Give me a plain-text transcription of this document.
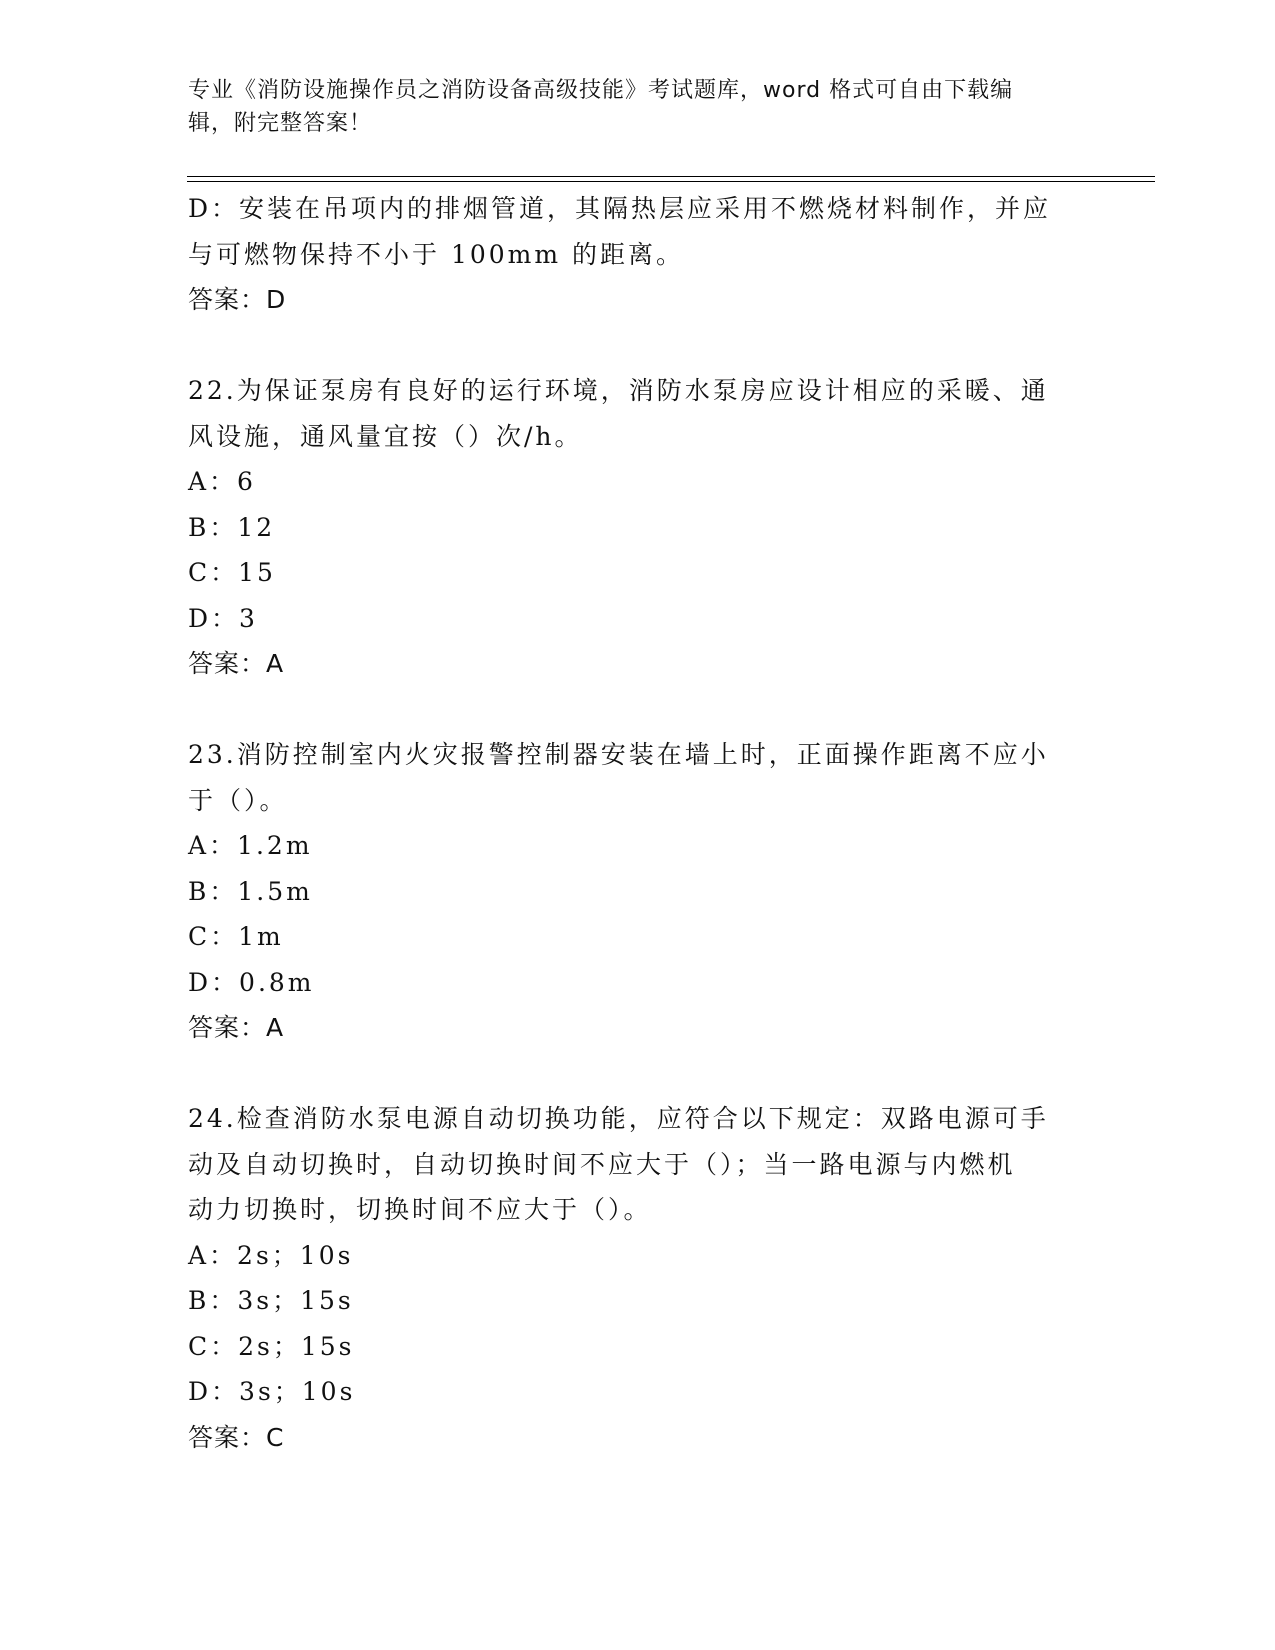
专业《消防设施操作员之消防设备高级技能》考试题库，word 格式可自由下载编
辑，附完整答案！
D：安装在吊项内的排烟管道，其隔热层应采用不燃烧材料制作，并应
与可燃物保持不小于 100mm 的距离。
答案：D
22.为保证泵房有良好的运行环境，消防水泵房应设计相应的采暖、通
风设施，通风量宜按（）次/h。
A：6
B：12
C：15
D：3
答案：A
23.消防控制室内火灾报警控制器安装在墙上时，正面操作距离不应小
于（）。
A：1.2m
B：1.5m
C：1m
D：0.8m
答案：A
24.检查消防水泵电源自动切换功能，应符合以下规定：双路电源可手
动及自动切换时，自动切换时间不应大于（）；当一路电源与内燃机
动力切换时，切换时间不应大于（）。
A：2s；10s
B：3s；15s
C：2s；15s
D：3s；10s
答案：C
